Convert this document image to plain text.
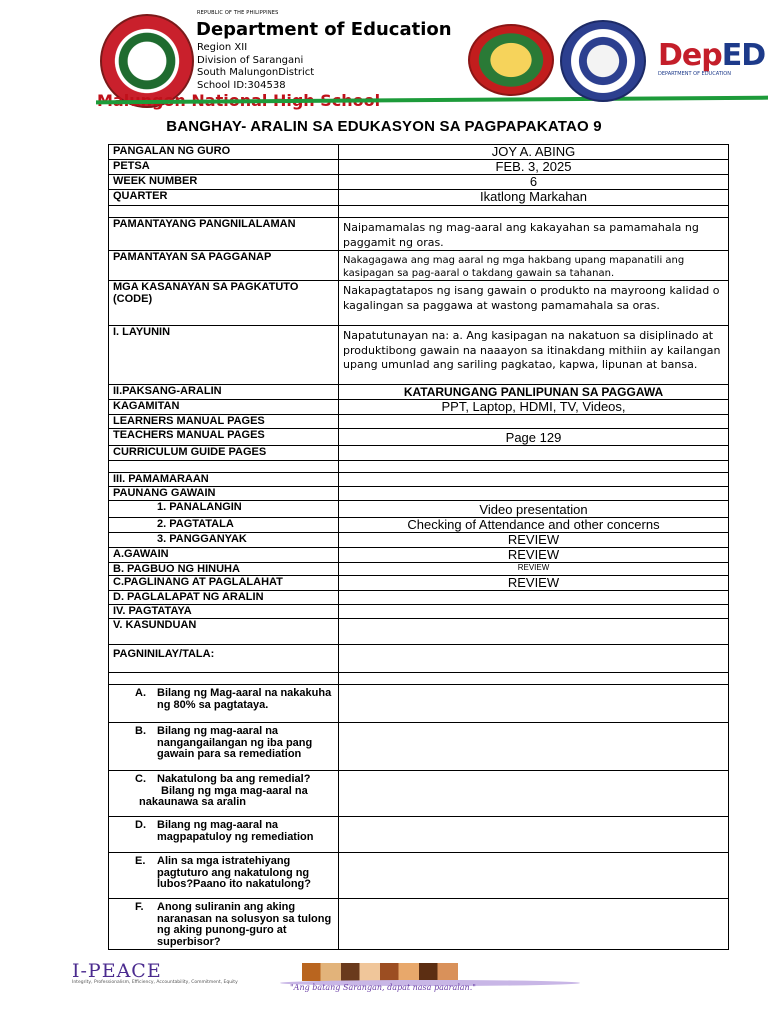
REPUBLIC OF THE PHILIPPINES
Department of Education
Region XII
Division of Sarangani
South MalungonDistrict
School ID:304538
DepED
DEPARTMENT OF EDUCATION
BANGHAY- ARALIN SA EDUKASYON SA PAGPAPAKATAO 9
PANGALAN NG GURO	JOY A. ABING
PETSA	FEB. 3, 2025
WEEK NUMBER	6
QUARTER	Ikatlong Markahan

PAMANTAYANG PANGNILALAMAN	Naipamamalas ng mag-aaral ang kakayahan sa pamamahala ng paggamit ng oras.
PAMANTAYAN SA PAGGANAP	Nakagagawa ang mag aaral ng mga hakbang upang mapanatili ang kasipagan sa pag-aaral o takdang gawain sa tahanan.
MGA KASANAYAN SA PAGKATUTO (CODE)	Nakapagtatapos ng isang gawain o produkto na mayroong kalidad o kagalingan sa paggawa at wastong pamamahala sa oras.
I. LAYUNIN	Napatutunayan na: a. Ang kasipagan na nakatuon sa disiplinado at produktibong gawain na naaayon sa itinakdang mithiin ay kailangan upang umunlad ang sariling pagkatao, kapwa, lipunan at bansa.
II.PAKSANG-ARALIN	KATARUNGANG PANLIPUNAN SA PAGGAWA
KAGAMITAN	PPT, Laptop, HDMI, TV, Videos,
LEARNERS MANUAL PAGES	
TEACHERS MANUAL PAGES	Page 129
CURRICULUM GUIDE PAGES	

III. PAMAMARAAN	
PAUNANG GAWAIN	
1. PANALANGIN	Video presentation
2. PAGTATALA	Checking of Attendance and other concerns
3. PANGGANYAK	REVIEW
A.GAWAIN	REVIEW
B. PAGBUO NG HINUHA	REVIEW
C.PAGLINANG AT PAGLALAHAT	REVIEW
D. PAGLALAPAT NG ARALIN	
IV. PAGTATAYA	
V. KASUNDUAN	
PAGNINILAY/TALA:	

A. Bilang ng Mag-aaral na nakakuha ng 80% sa pagtataya.	

B. Bilang ng mag-aaral na nangangailangan ng iba pang gawain para sa remediation	

C. Nakatulong ba ang remedial?
Bilang ng mga mag-aaral na
nakaunawa sa aralin	

D. Bilang ng mag-aaral na magpapatuloy ng remediation	

E. Alin sa mga istratehiyang pagtuturo ang nakatulong ng lubos?Paano ito nakatulong?	

F. Anong suliranin ang aking naranasan na solusyon sa tulong ng aking punong-guro at superbisor?	

I-PEACE
Integrity, Professionalism, Efficiency, Accountability, Commitment, Equity
"Ang batang Sarangan, dapat nasa paaralan."
